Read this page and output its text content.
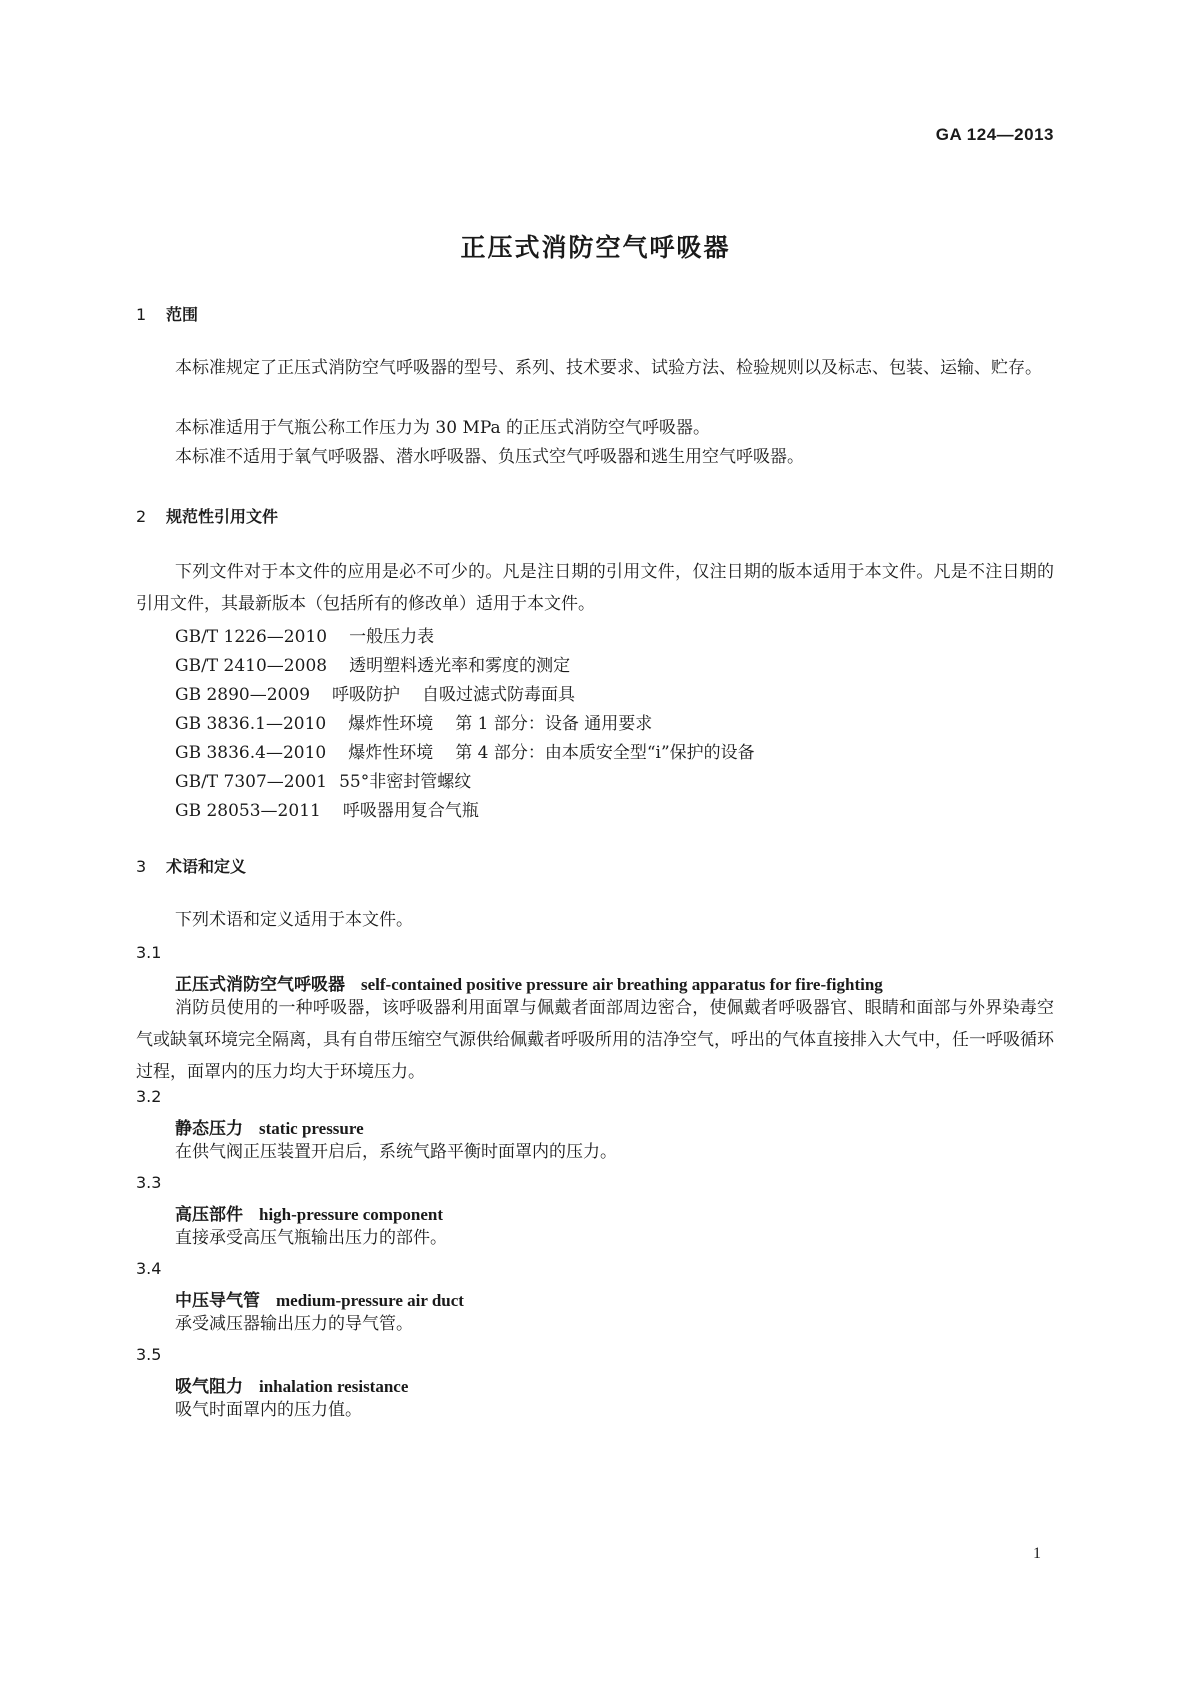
GA 124—2013
正压式消防空气呼吸器
1 范围
本标准规定了正压式消防空气呼吸器的型号、系列、技术要求、试验方法、检验规则以及标志、包装、运输、贮存。
本标准适用于气瓶公称工作压力为 30 MPa 的正压式消防空气呼吸器。
本标准不适用于氧气呼吸器、潜水呼吸器、负压式空气呼吸器和逃生用空气呼吸器。
2 规范性引用文件
下列文件对于本文件的应用是必不可少的。凡是注日期的引用文件，仅注日期的版本适用于本文件。凡是不注日期的引用文件，其最新版本（包括所有的修改单）适用于本文件。
GB/T 1226—2010 一般压力表
GB/T 2410—2008 透明塑料透光率和雾度的测定
GB 2890—2009 呼吸防护 自吸过滤式防毒面具
GB 3836.1—2010 爆炸性环境 第 1 部分：设备 通用要求
GB 3836.4—2010 爆炸性环境 第 4 部分：由本质安全型“i”保护的设备
GB/T 7307—2001 55°非密封管螺纹
GB 28053—2011 呼吸器用复合气瓶
3 术语和定义
下列术语和定义适用于本文件。
3.1
正压式消防空气呼吸器 self-contained positive pressure air breathing apparatus for fire-fighting
消防员使用的一种呼吸器，该呼吸器利用面罩与佩戴者面部周边密合，使佩戴者呼吸器官、眼睛和面部与外界染毒空气或缺氧环境完全隔离，具有自带压缩空气源供给佩戴者呼吸所用的洁净空气，呼出的气体直接排入大气中，任一呼吸循环过程，面罩内的压力均大于环境压力。
3.2
静态压力 static pressure
在供气阀正压装置开启后，系统气路平衡时面罩内的压力。
3.3
高压部件 high-pressure component
直接承受高压气瓶输出压力的部件。
3.4
中压导气管 medium-pressure air duct
承受减压器输出压力的导气管。
3.5
吸气阻力 inhalation resistance
吸气时面罩内的压力值。
1
